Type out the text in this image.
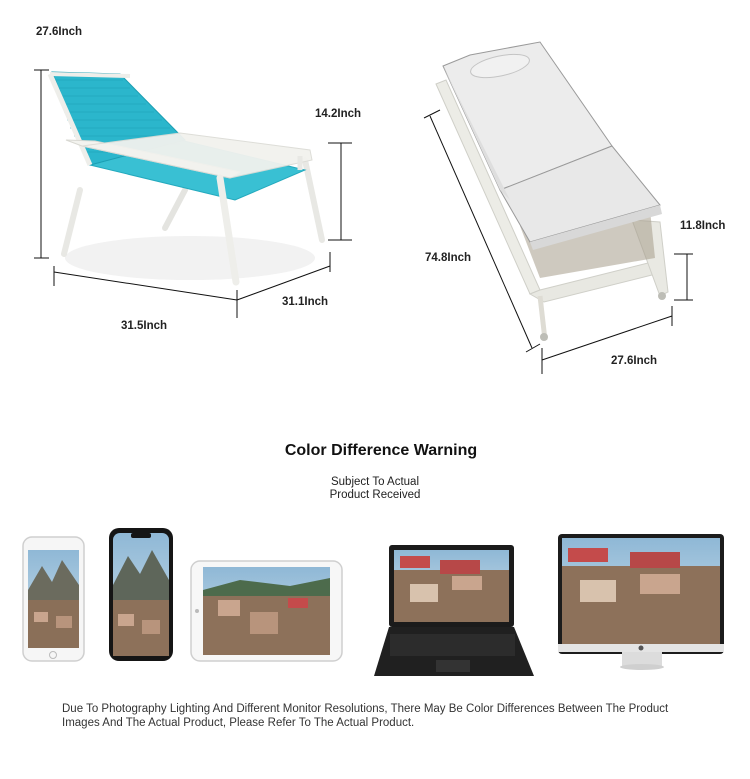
27.6Inch
14.2Inch
31.5Inch
31.1Inch
74.8Inch
11.8Inch
27.6Inch
Color Difference Warning
Subject To Actual
Product Received
Due To Photography Lighting And Different Monitor Resolutions, There May Be Color Differences Between The Product
Images And The Actual Product, Please Refer To The Actual Product.
